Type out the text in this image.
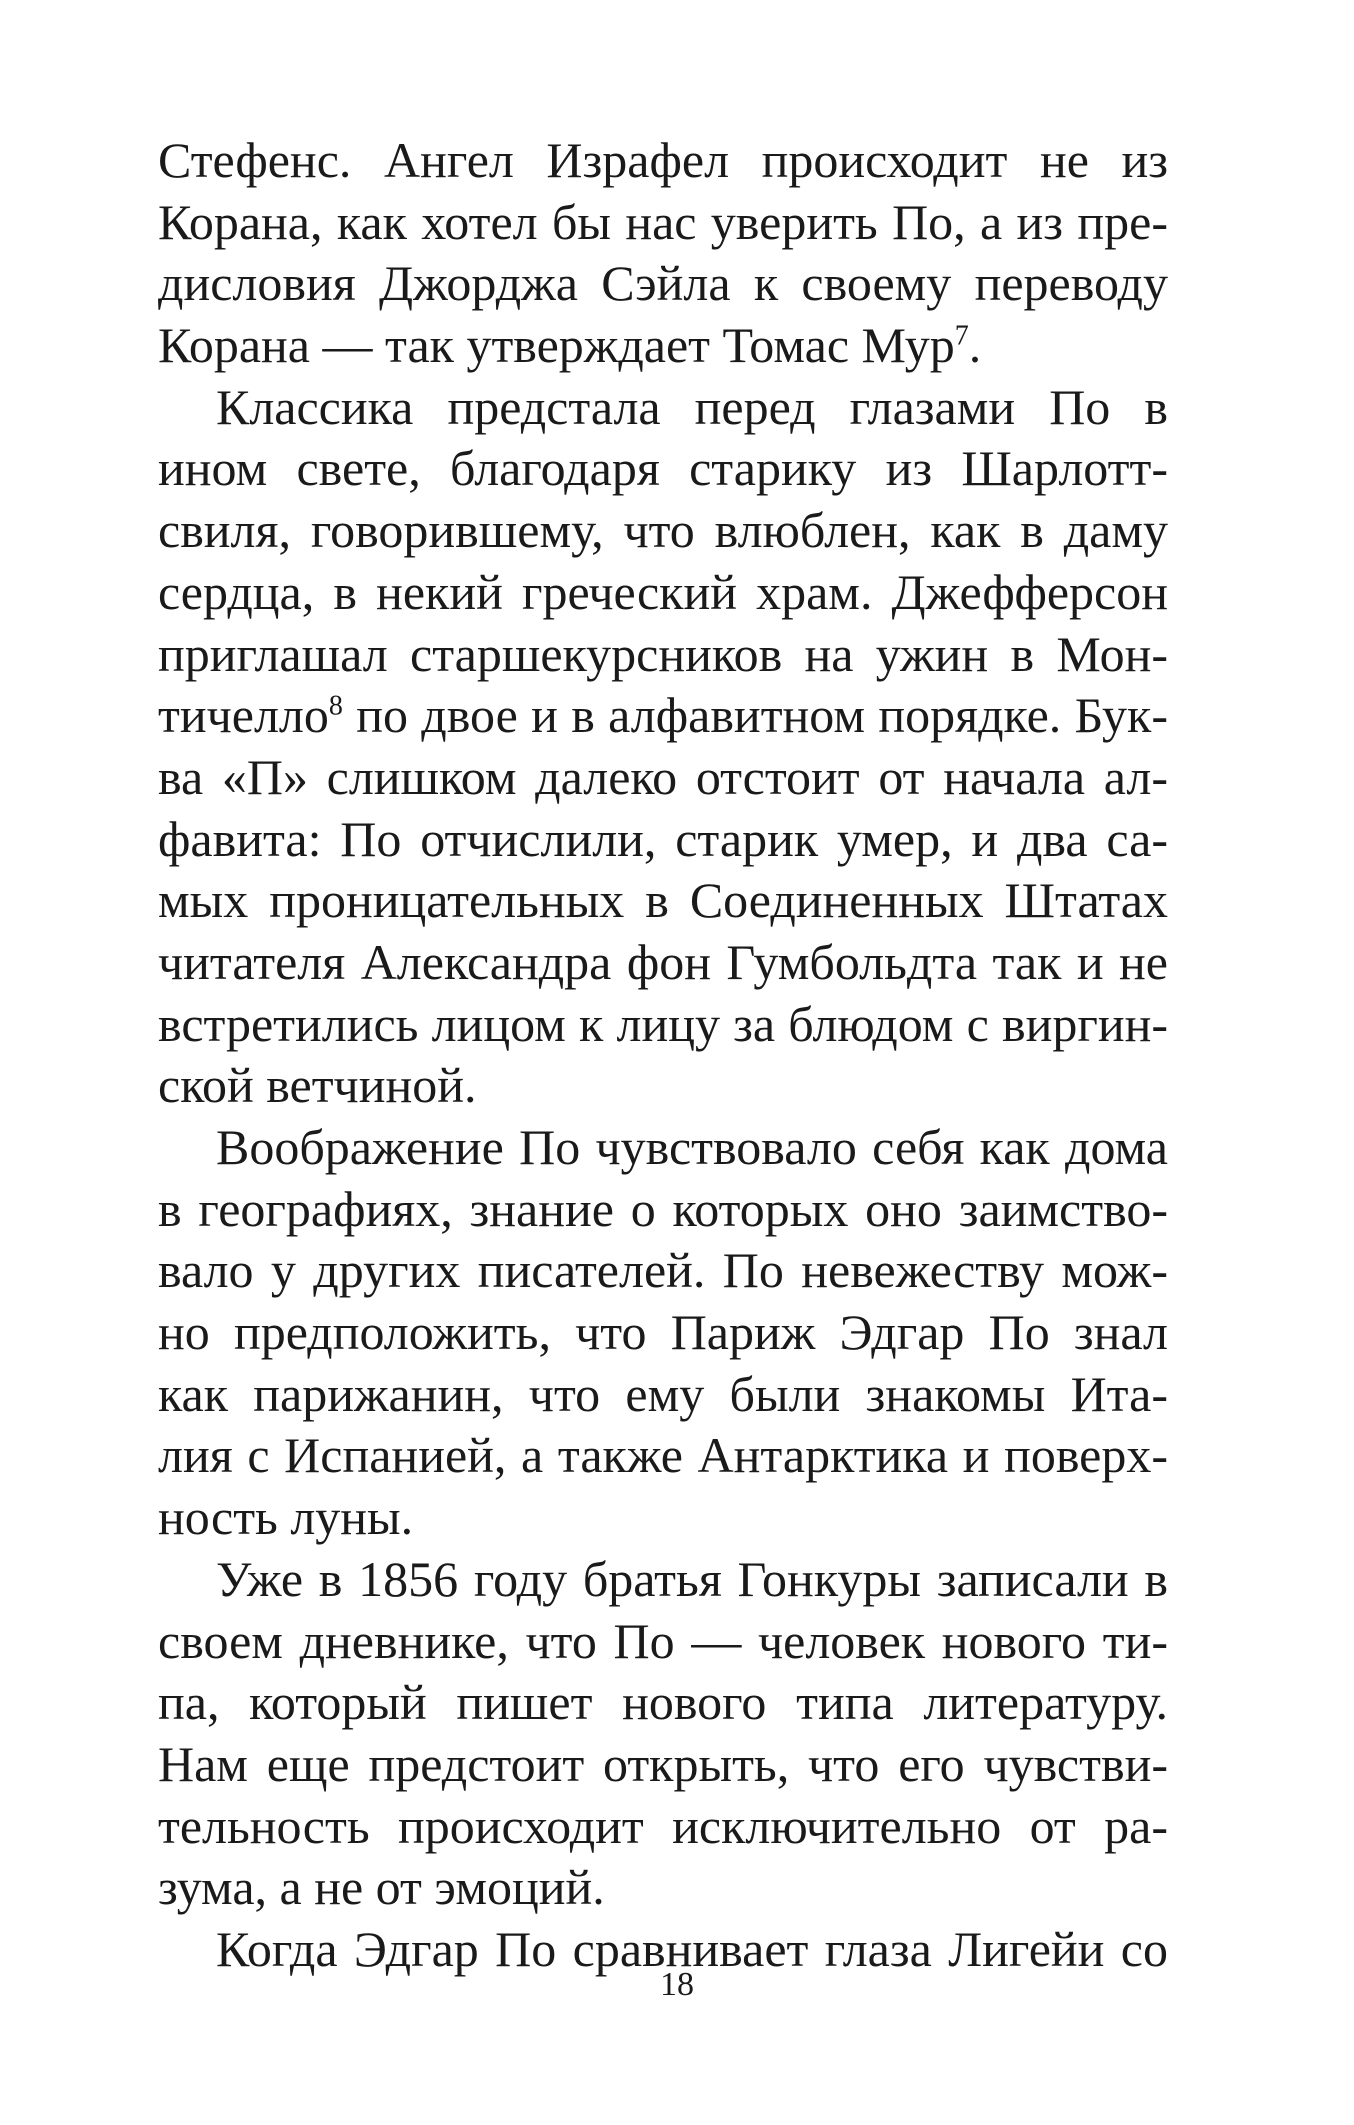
Стефенс. Ангел Израфел происходит не из
Корана, как хотел бы нас уверить По, а из пре-
дисловия Джорджа Сэйла к своему переводу
Корана — так утверждает Томас Мур$^7$.
Классика предстала перед глазами По в
ином свете, благодаря старику из Шарлотт-
свиля, говорившему, что влюблен, как в даму
сердца, в некий греческий храм. Джефферсон
приглашал старшекурсников на ужин в Мон-
тичелло$^8$ по двое и в алфавитном порядке. Бук-
ва «П» слишком далеко отстоит от начала ал-
фавита: По отчислили, старик умер, и два са-
мых проницательных в Соединенных Штатах
читателя Александра фон Гумбольдта так и не
встретились лицом к лицу за блюдом с виргин-
ской ветчиной.
Воображение По чувствовало себя как дома
в географиях, знание о которых оно заимство-
вало у других писателей. По невежеству мож-
но предположить, что Париж Эдгар По знал
как парижанин, что ему были знакомы Ита-
лия с Испанией, а также Антарктика и поверх-
ность луны.
Уже в 1856 году братья Гонкуры записали в
своем дневнике, что По — человек нового ти-
па, который пишет нового типа литературу.
Нам еще предстоит открыть, что его чувстви-
тельность происходит исключительно от ра-
зума, а не от эмоций.
Когда Эдгар По сравнивает глаза Лигейи со
18
